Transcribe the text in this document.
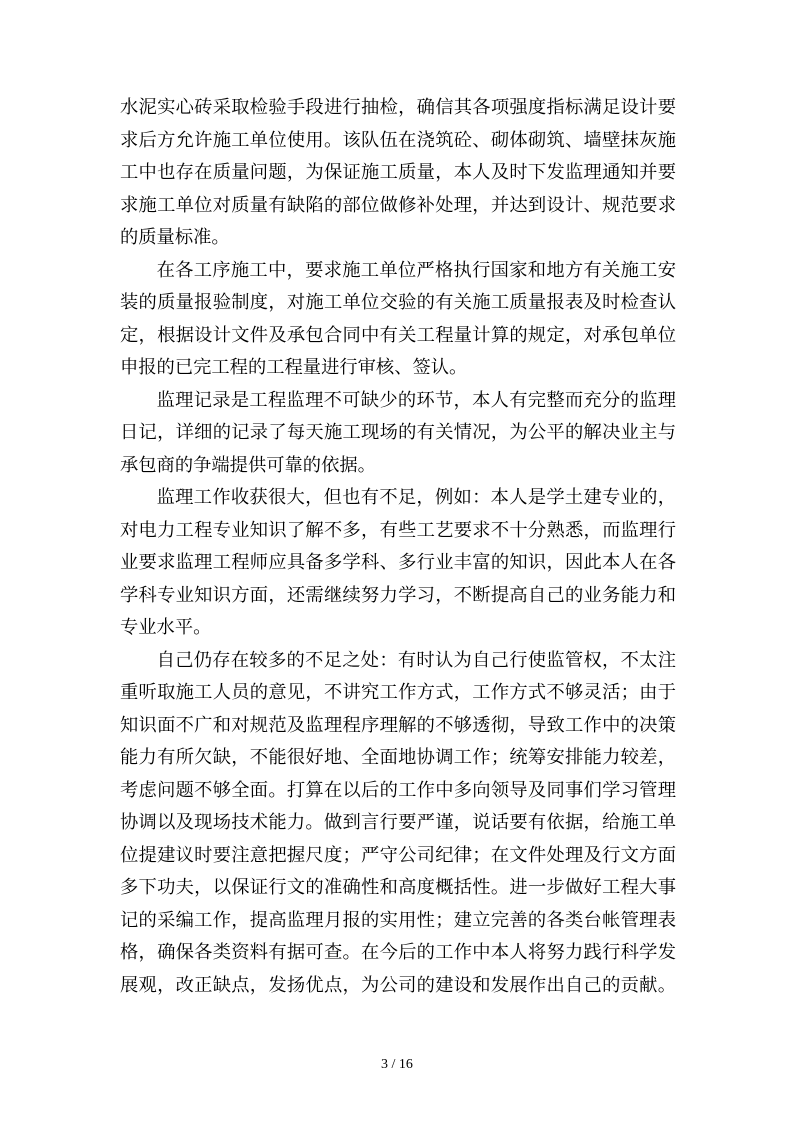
水泥实心砖采取检验手段进行抽检，确信其各项强度指标满足设计要
求后方允许施工单位使用。该队伍在浇筑砼、砌体砌筑、墙壁抹灰施
工中也存在质量问题，为保证施工质量，本人及时下发监理通知并要
求施工单位对质量有缺陷的部位做修补处理，并达到设计、规范要求
的质量标准。
在各工序施工中，要求施工单位严格执行国家和地方有关施工安
装的质量报验制度，对施工单位交验的有关施工质量报表及时检查认
定，根据设计文件及承包合同中有关工程量计算的规定，对承包单位
申报的已完工程的工程量进行审核、签认。
监理记录是工程监理不可缺少的环节，本人有完整而充分的监理
日记，详细的记录了每天施工现场的有关情况，为公平的解决业主与
承包商的争端提供可靠的依据。
监理工作收获很大，但也有不足，例如：本人是学土建专业的，
对电力工程专业知识了解不多，有些工艺要求不十分熟悉，而监理行
业要求监理工程师应具备多学科、多行业丰富的知识，因此本人在各
学科专业知识方面，还需继续努力学习，不断提高自己的业务能力和
专业水平。
自己仍存在较多的不足之处：有时认为自己行使监管权，不太注
重听取施工人员的意见，不讲究工作方式，工作方式不够灵活；由于
知识面不广和对规范及监理程序理解的不够透彻，导致工作中的决策
能力有所欠缺，不能很好地、全面地协调工作；统筹安排能力较差，
考虑问题不够全面。打算在以后的工作中多向领导及同事们学习管理
协调以及现场技术能力。做到言行要严谨，说话要有依据，给施工单
位提建议时要注意把握尺度；严守公司纪律；在文件处理及行文方面
多下功夫，以保证行文的准确性和高度概括性。进一步做好工程大事
记的采编工作，提高监理月报的实用性；建立完善的各类台帐管理表
格，确保各类资料有据可查。在今后的工作中本人将努力践行科学发
展观，改正缺点，发扬优点，为公司的建设和发展作出自己的贡献。
3 / 16
